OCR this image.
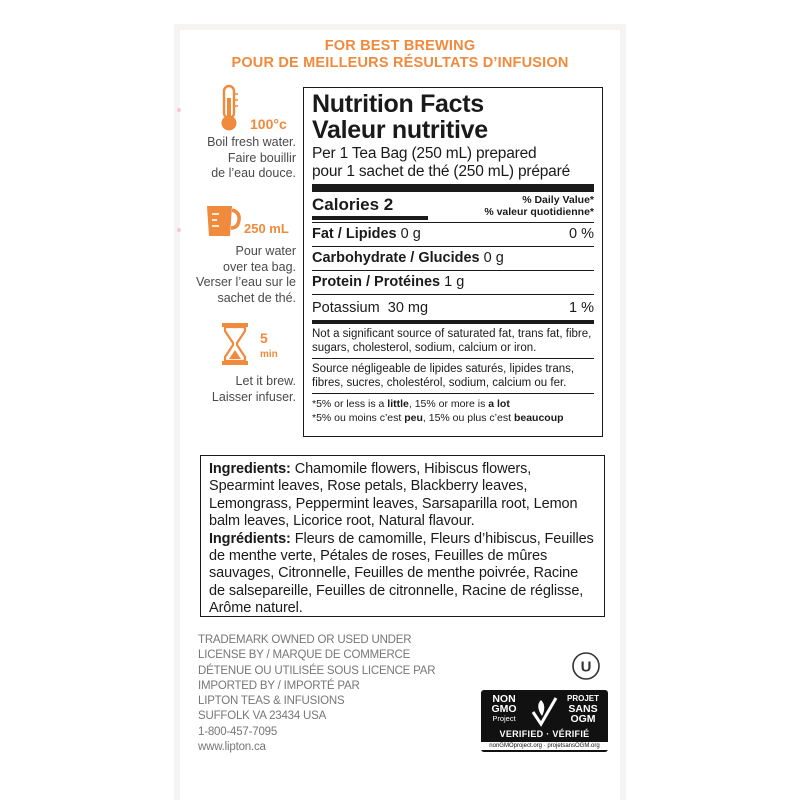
FOR BEST BREWING
POUR DE MEILLEURS RÉSULTATS D’INFUSION
100°c
Boil fresh water.
Faire bouillir
de l’eau douce.
250 mL
Pour water
over tea bag.
Verser l’eau sur le
sachet de thé.
5
min
Let it brew.
Laisser infuser.
Nutrition Facts
Valeur nutritive
Per 1 Tea Bag (250 mL) prepared
pour 1 sachet de thé (250 mL) préparé
Calories 2	% Daily Value*
% valeur quotidienne*
Fat / Lipides 0 g	0 %
Carbohydrate / Glucides 0 g
Protein / Protéines 1 g
Potassium 30 mg	1 %
Not a significant source of saturated fat, trans fat, fibre, sugars, cholesterol, sodium, calcium or iron.
Source négligeable de lipides saturés, lipides trans, fibres, sucres, cholestérol, sodium, calcium ou fer.
*5% or less is a little, 15% or more is a lot
*5% ou moins c’est peu, 15% ou plus c’est beaucoup
Ingredients: Chamomile flowers, Hibiscus flowers, Spearmint leaves, Rose petals, Blackberry leaves, Lemongrass, Peppermint leaves, Sarsaparilla root, Lemon balm leaves, Licorice root, Natural flavour.
Ingrédients: Fleurs de camomille, Fleurs d’hibiscus, Feuilles de menthe verte, Pétales de roses, Feuilles de mûres sauvages, Citronnelle, Feuilles de menthe poivrée, Racine de salsepareille, Feuilles de citronnelle, Racine de réglisse, Arôme naturel.
TRADEMARK OWNED OR USED UNDER
LICENSE BY / MARQUE DE COMMERCE
DÉTENUE OU UTILISÉE SOUS LICENCE PAR
IMPORTED BY / IMPORTÉ PAR
LIPTON TEAS & INFUSIONS
SUFFOLK VA 23434 USA
1-800-457-7095
www.lipton.ca
U
NON
GMO
Project
PROJET
SANS
OGM
VERIFIED · VÉRIFIÉ
nonGMOproject.org · projetsansOGM.org
